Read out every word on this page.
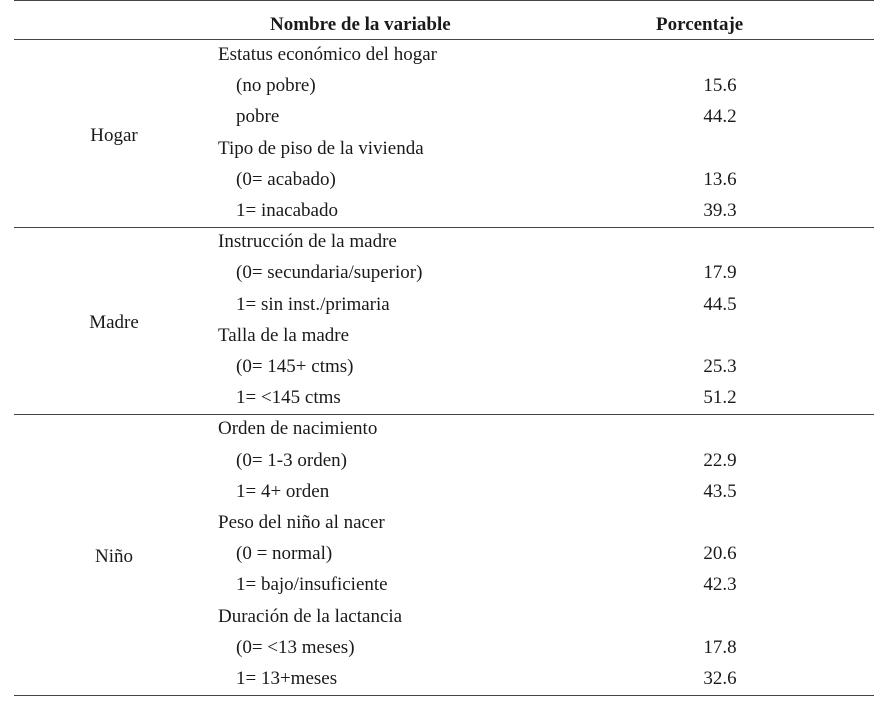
Nombre de la variable	Porcentaje
Estatus económico del hogar
(no pobre)	15.6
pobre	44.2
Tipo de piso de la vivienda
(0= acabado)	13.6
1= inacabado	39.3
Hogar
Instrucción de la madre
(0= secundaria/superior)	17.9
1= sin inst./primaria	44.5
Talla de la madre
(0= 145+ ctms)	25.3
1= <145 ctms	51.2
Madre
Orden de nacimiento
(0= 1-3 orden)	22.9
1= 4+ orden	43.5
Peso del niño al nacer
(0 = normal)	20.6
1= bajo/insuficiente	42.3
Duración de la lactancia
(0= <13 meses)	17.8
1= 13+meses	32.6
Niño
